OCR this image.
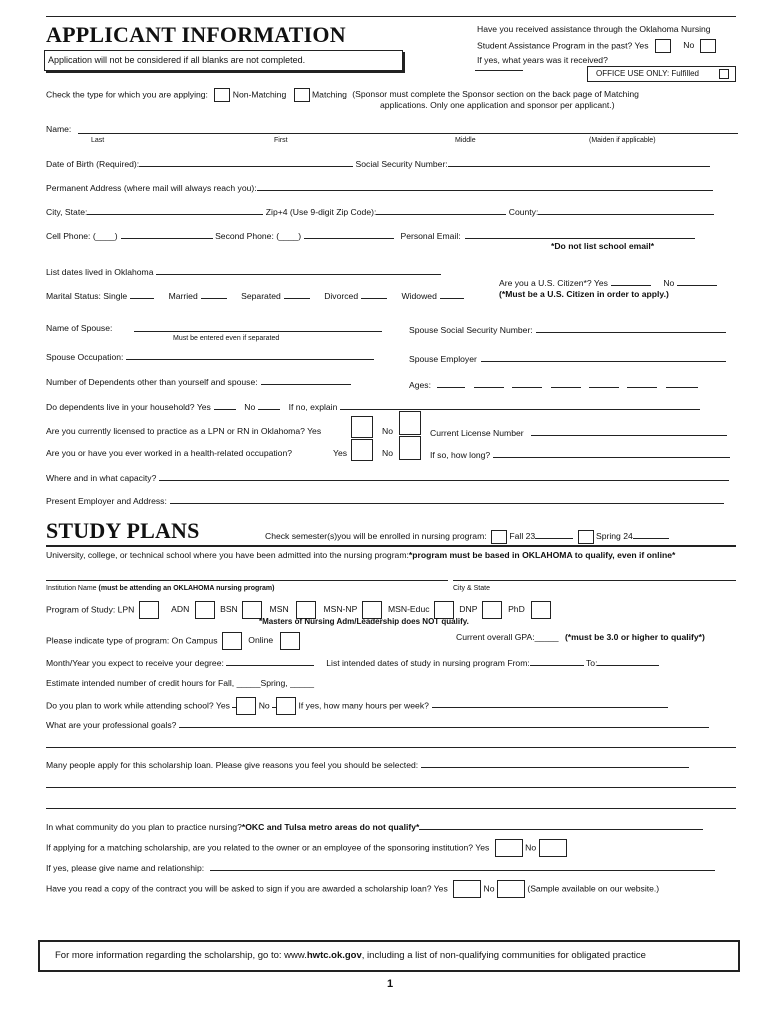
APPLICANT INFORMATION
Application will not be considered if all blanks are not completed.
Have you received assistance through the Oklahoma Nursing
Student Assistance Program in the past? Yes	No
If yes, what years was it received?
OFFICE USE ONLY: Fulfilled
Check the type for which you are applying:	Non-Matching	Matching (Sponsor must complete the Sponsor section on the back page of Matching
applications. Only one application and sponsor per applicant.)
Name:
Last	First	Middle	(Maiden if applicable)
Date of Birth (Required):	Social Security Number:
Permanent Address (where mail will always reach you):
City, State:	Zip+4 (Use 9-digit Zip Code):	County:
Cell Phone: (____)	Second Phone: (____)	Personal Email:
*Do not list school email*
List dates lived in Oklahoma
Are you a U.S. Citizen*? Yes	No
Marital Status: Single	Married	Separated	Divorced	Widowed	(*Must be a U.S. Citizen in order to apply.)
Name of Spouse:
Must be entered even if separated
Spouse Social Security Number:
Spouse Occupation:	Spouse Employer
Number of Dependents other than yourself and spouse:	Ages:
Do dependents live in your household? Yes	No	If no, explain
Are you currently licensed to practice as a LPN or RN in Oklahoma? Yes	No	Current License Number
Are you or have you ever worked in a health-related occupation?	Yes	No	If so, how long?
Where and in what capacity?
Present Employer and Address:
STUDY PLANS	Check semester(s)you will be enrolled in nursing program:	Fall 23	Spring 24
University, college, or technical school where you have been admitted into the nursing program:*program must be based in OKLAHOMA to qualify, even if online*
Institution Name (must be attending an OKLAHOMA nursing program)	City & State
Program of Study: LPN	ADN	BSN	MSN	MSN-NP	MSN-Educ	DNP	PhD
*Masters of Nursing Adm/Leadership does NOT qualify.
Please indicate type of program: On Campus	Online	Current overall GPA:_____ (*must be 3.0 or higher to qualify*)
Month/Year you expect to receive your degree:	List intended dates of study in nursing program From:	To:
Estimate intended number of credit hours for Fall, _____Spring, _____
Do you plan to work while attending school? Yes	No	If yes, how many hours per week?
What are your professional goals?
Many people apply for this scholarship loan. Please give reasons you feel you should be selected:
In what community do you plan to practice nursing?*OKC and Tulsa metro areas do not qualify*
If applying for a matching scholarship, are you related to the owner or an employee of the sponsoring institution? Yes	No
If yes, please give name and relationship:
Have you read a copy of the contract you will be asked to sign if you are awarded a scholarship loan? Yes	No	(Sample available on our website.)
For more information regarding the scholarship, go to: www.hwtc.ok.gov, including a list of non-qualifying communities for obligated practice
1
